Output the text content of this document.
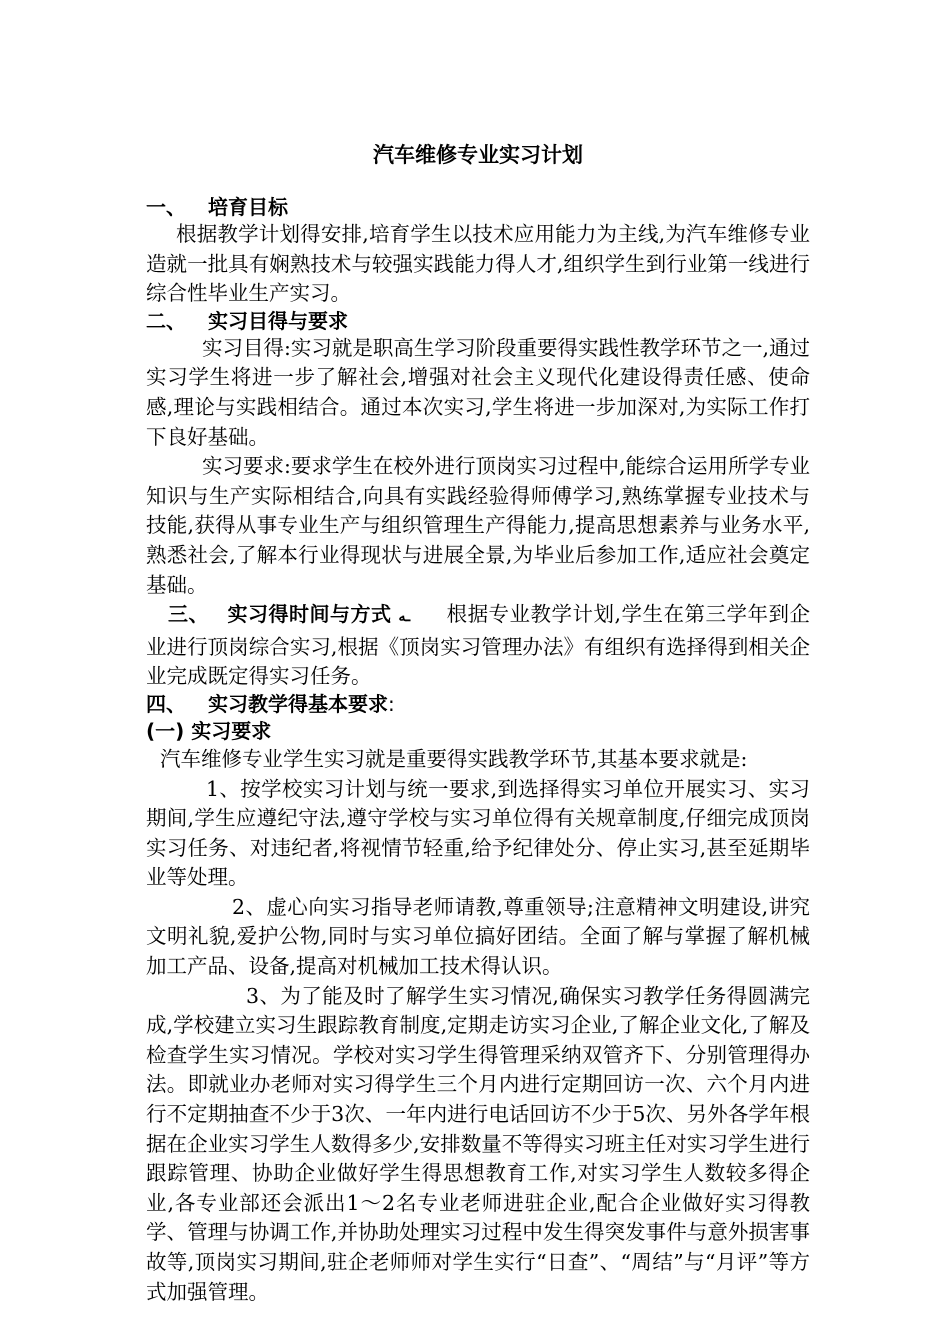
汽车维修专业实习计划
一、 培育目标

根据教学计划得安排,培育学生以技术应用能力为主线,为汽车维修专业造就一批具有娴熟技术与较强实践能力得人才,组织学生到行业第一线进行综合性毕业生产实习。

二、 实习目得与要求

实习目得:实习就是职高生学习阶段重要得实践性教学环节之一,通过实习学生将进一步了解社会,增强对社会主义现代化建设得责任感、使命感,理论与实践相结合。通过本次实习,学生将进一步加深对,为实际工作打下良好基础。

实习要求:要求学生在校外进行顶岗实习过程中,能综合运用所学专业知识与生产实际相结合,向具有实践经验得师傅学习,熟练掌握专业技术与技能,获得从事专业生产与组织管理生产得能力,提高思想素养与业务水平,熟悉社会,了解本行业得现状与进展全景,为毕业后参加工作,适应社会奠定基础。

三、 实习得时间与方式 ـه 根据专业教学计划,学生在第三学年到企业进行顶岗综合实习,根据《顶岗实习管理办法》有组织有选择得到相关企业完成既定得实习任务。

四、 实习教学得基本要求:
(一) 实习要求

汽车维修专业学生实习就是重要得实践教学环节,其基本要求就是:

1、按学校实习计划与统一要求,到选择得实习单位开展实习、实习期间,学生应遵纪守法,遵守学校与实习单位得有关规章制度,仔细完成顶岗实习任务、对违纪者,将视情节轻重,给予纪律处分、停止实习,甚至延期毕业等处理。

2、虚心向实习指导老师请教,尊重领导;注意精神文明建设,讲究文明礼貌,爱护公物,同时与实习单位搞好团结。全面了解与掌握了解机械加工产品、设备,提高对机械加工技术得认识。

3、为了能及时了解学生实习情况,确保实习教学任务得圆满完成,学校建立实习生跟踪教育制度,定期走访实习企业,了解企业文化,了解及检查学生实习情况。学校对实习学生得管理采纳双管齐下、分别管理得办法。即就业办老师对实习得学生三个月内进行定期回访一次、六个月内进行不定期抽查不少于3次、一年内进行电话回访不少于5次、另外各学年根据在企业实习学生人数得多少,安排数量不等得实习班主任对实习学生进行跟踪管理、协助企业做好学生得思想教育工作,对实习学生人数较多得企业,各专业部还会派出1～2名专业老师进驻企业,配合企业做好实习得教学、管理与协调工作,并协助处理实习过程中发生得突发事件与意外损害事故等,顶岗实习期间,驻企老师师对学生实行“日查”、“周结”与“月评”等方式加强管理。
